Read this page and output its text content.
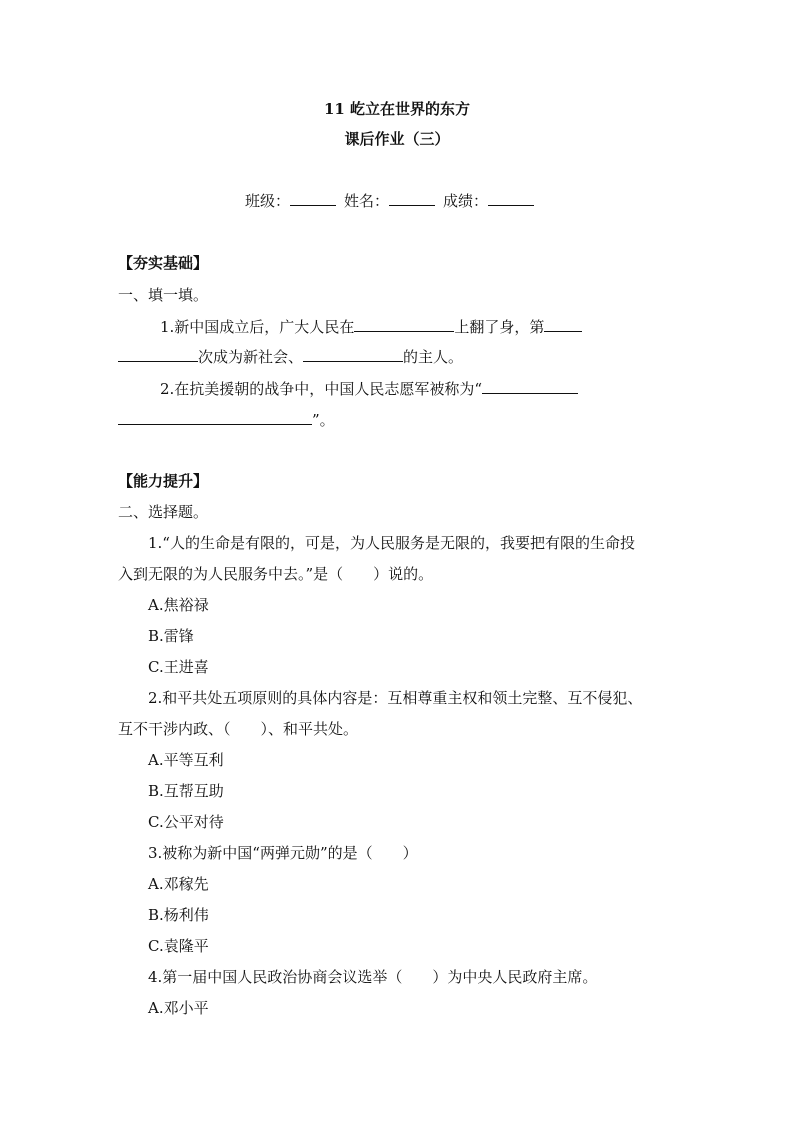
11 屹立在世界的东方
课后作业（三）
班级：	姓名：	成绩：
【夯实基础】
一、填一填。
1.新中国成立后，广大人民在	上翻了身，第
次成为新社会、	的主人。
2.在抗美援朝的战争中，中国人民志愿军被称为“
”。
【能力提升】
二、选择题。
1.“人的生命是有限的，可是，为人民服务是无限的，我要把有限的生命投
入到无限的为人民服务中去。”是（　　）说的。
A.焦裕禄
B.雷锋
C.王进喜
2.和平共处五项原则的具体内容是：互相尊重主权和领土完整、互不侵犯、
互不干涉内政、（　　）、和平共处。
A.平等互利
B.互帮互助
C.公平对待
3.被称为新中国“两弹元勋”的是（　　）
A.邓稼先
B.杨利伟
C.袁隆平
4.第一届中国人民政治协商会议选举（　　）为中央人民政府主席。
A.邓小平
